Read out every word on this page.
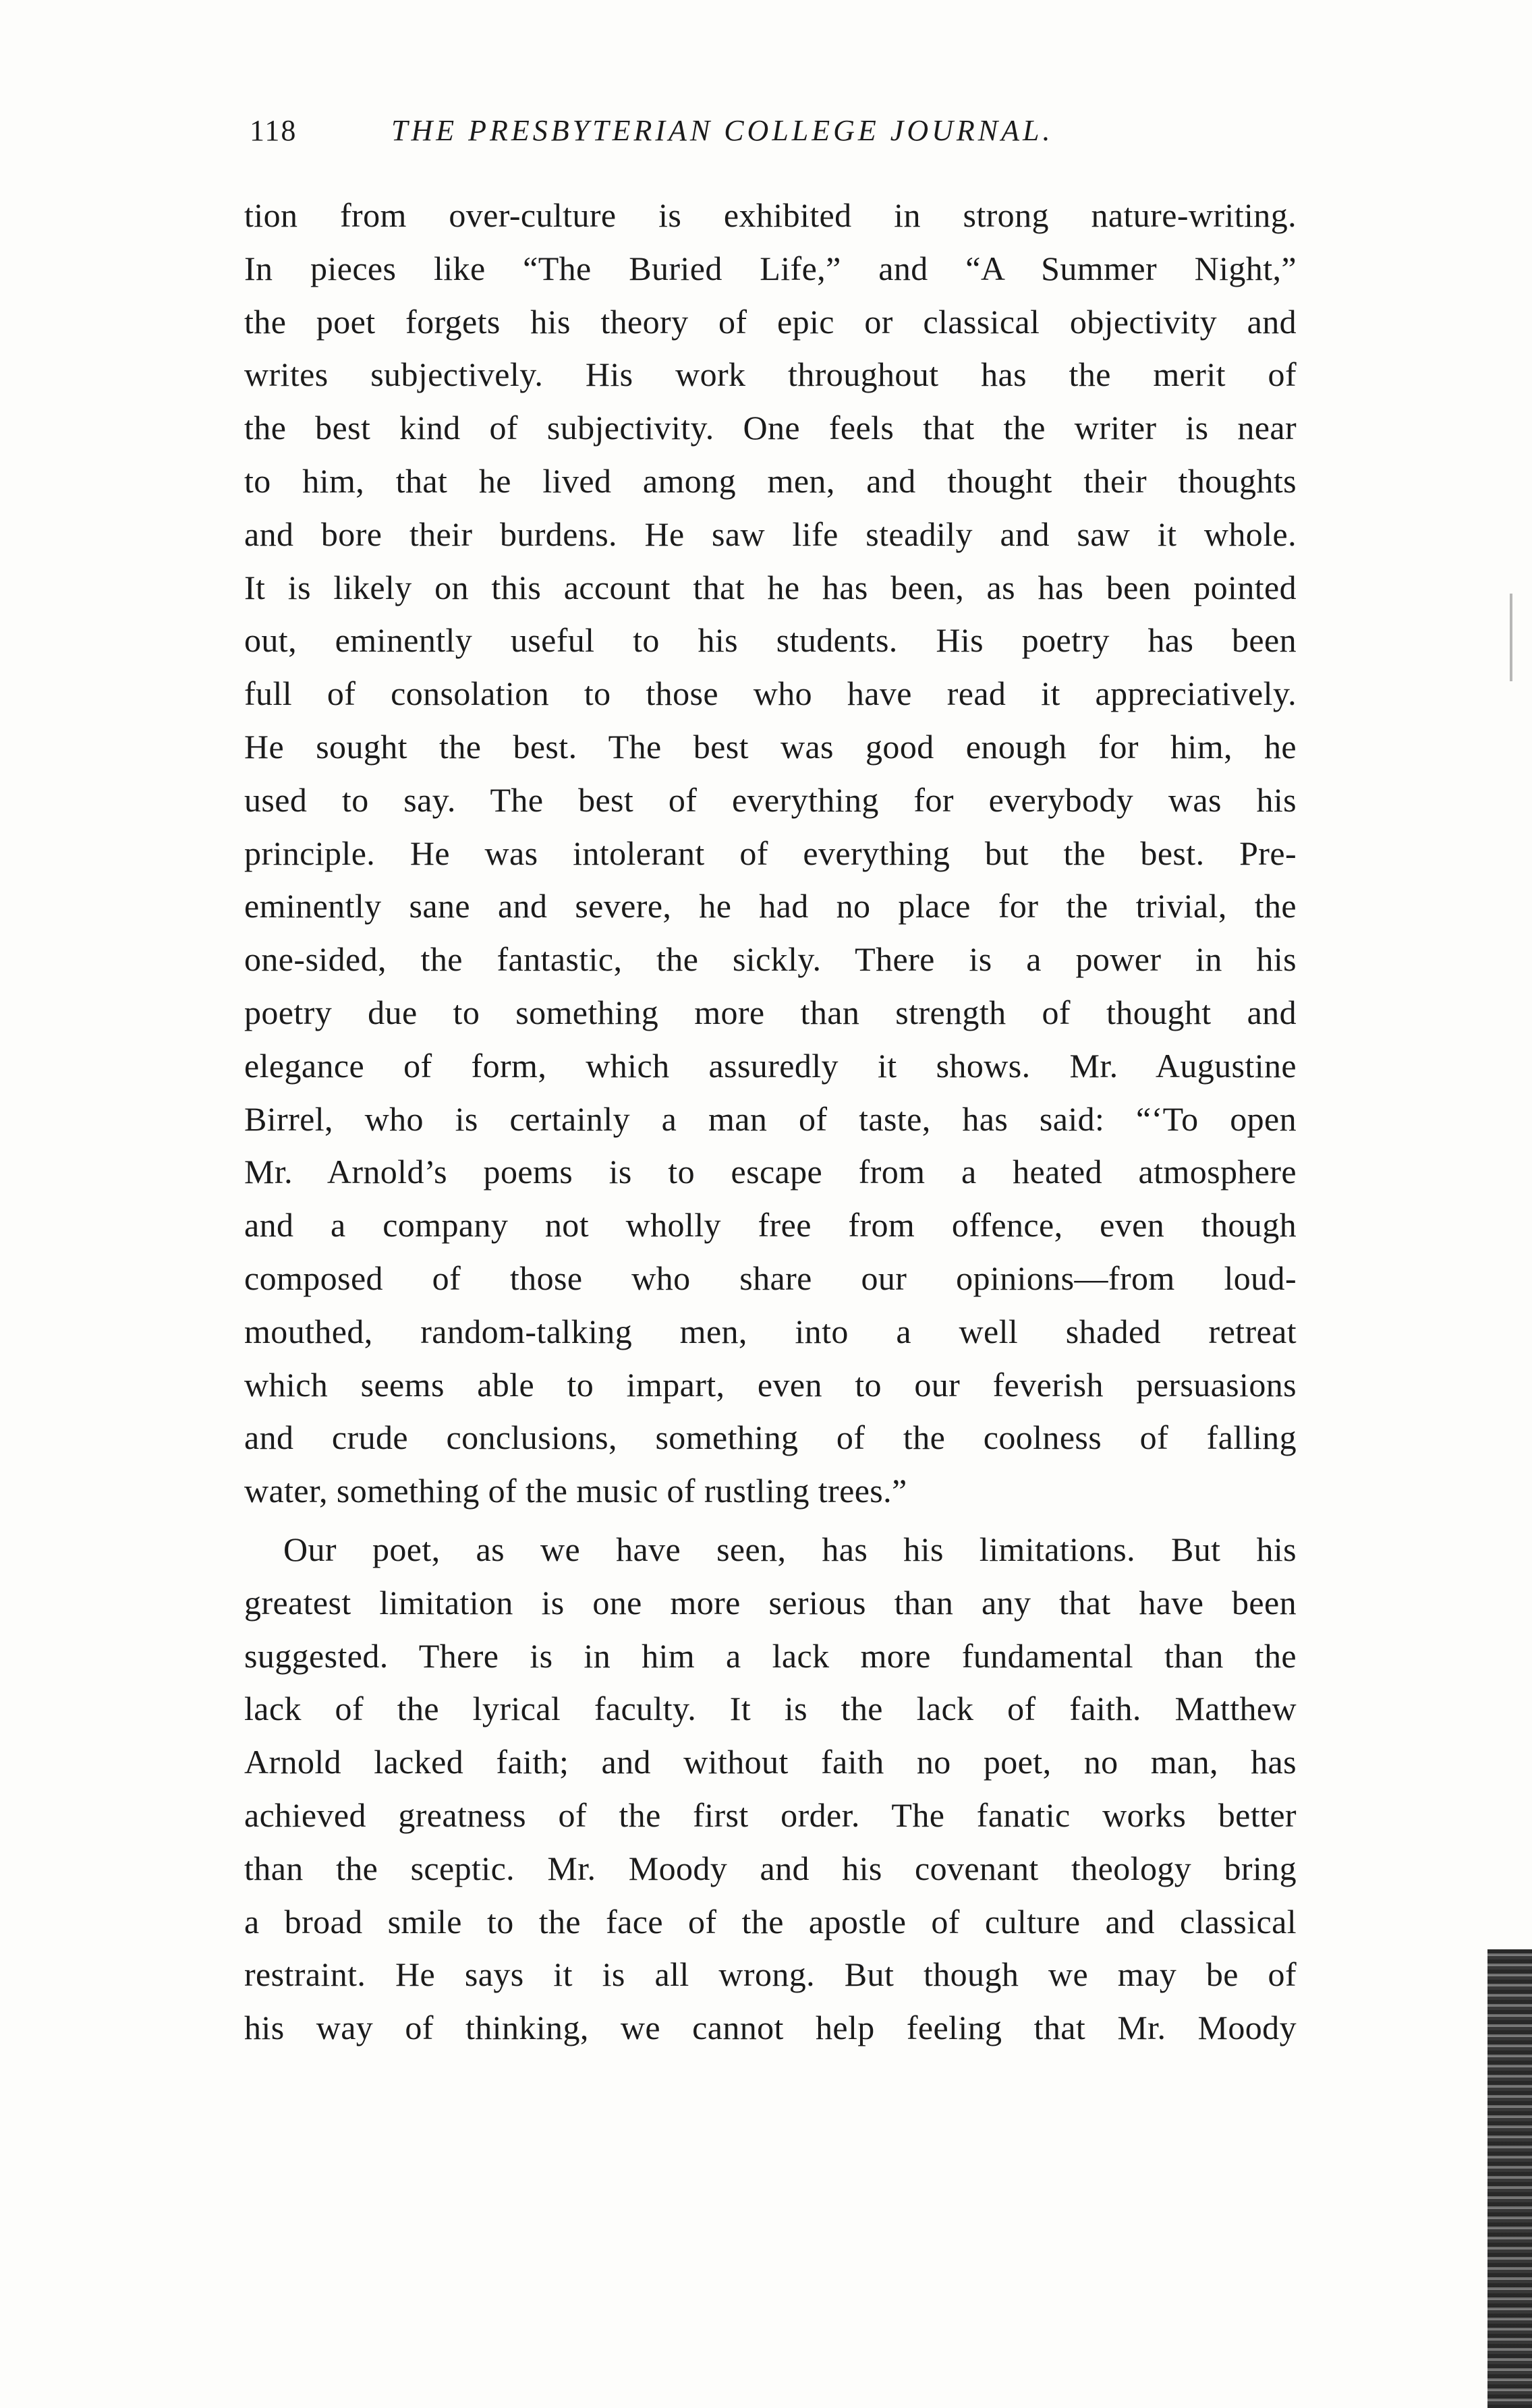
118	THE PRESBYTERIAN COLLEGE JOURNAL.
tion from over-culture is exhibited in strong nature-writing.
In pieces like “The Buried Life,” and “A Summer Night,”
the poet forgets his theory of epic or classical objectivity and
writes subjectively. His work throughout has the merit of
the best kind of subjectivity. One feels that the writer is near
to him, that he lived among men, and thought their thoughts
and bore their burdens. He saw life steadily and saw it whole.
It is likely on this account that he has been, as has been pointed
out, eminently useful to his students. His poetry has been
full of consolation to those who have read it appreciatively.
He sought the best. The best was good enough for him, he
used to say. The best of everything for everybody was his
principle. He was intolerant of everything but the best. Pre-
eminently sane and severe, he had no place for the trivial, the
one-sided, the fantastic, the sickly. There is a power in his
poetry due to something more than strength of thought and
elegance of form, which assuredly it shows. Mr. Augustine
Birrel, who is certainly a man of taste, has said: “‘To open
Mr. Arnold’s poems is to escape from a heated atmosphere
and a company not wholly free from offence, even though
composed of those who share our opinions—from loud-
mouthed, random-talking men, into a well shaded retreat
which seems able to impart, even to our feverish persuasions
and crude conclusions, something of the coolness of falling
water, something of the music of rustling trees.”
Our poet, as we have seen, has his limitations. But his
greatest limitation is one more serious than any that have been
suggested. There is in him a lack more fundamental than the
lack of the lyrical faculty. It is the lack of faith. Matthew
Arnold lacked faith; and without faith no poet, no man, has
achieved greatness of the first order. The fanatic works better
than the sceptic. Mr. Moody and his covenant theology bring
a broad smile to the face of the apostle of culture and classical
restraint. He says it is all wrong. But though we may be of
his way of thinking, we cannot help feeling that Mr. Moody
